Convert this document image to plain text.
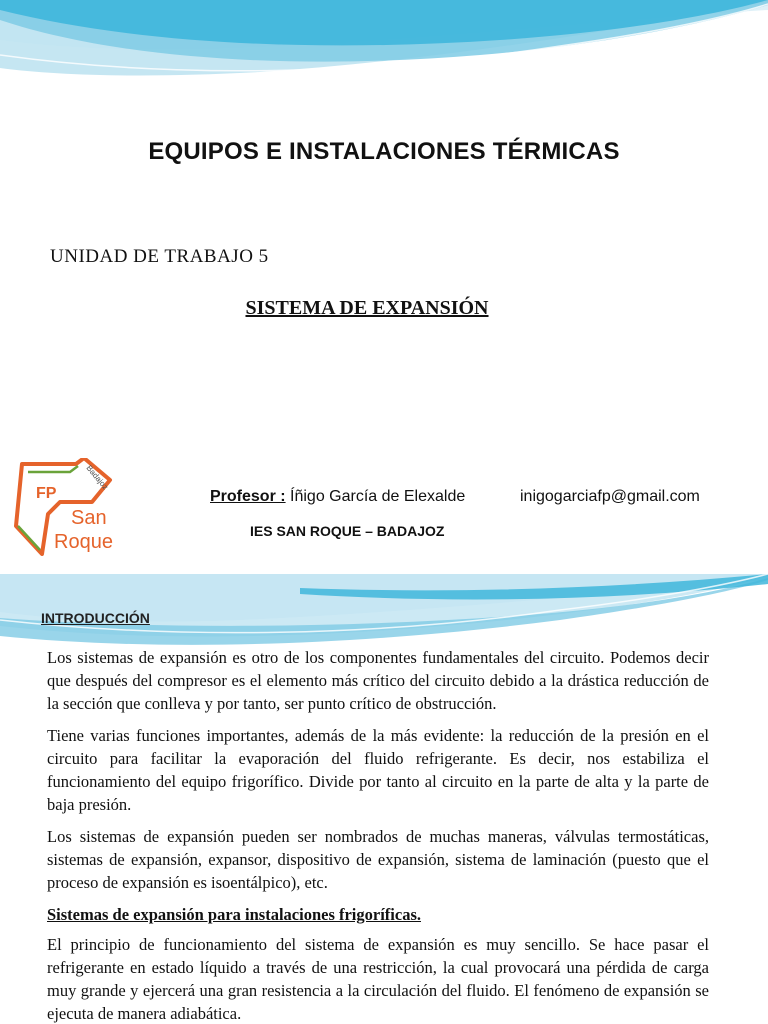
EQUIPOS E INSTALACIONES TÉRMICAS

UNIDAD DE TRABAJO 5

SISTEMA DE EXPANSIÓN

FP
San
Roque
Badajoz
Profesor : Íñigo García de Elexalde	inigogarciafp@gmail.com
IES SAN ROQUE – BADAJOZ

INTRODUCCIÓN

Los sistemas de expansión es otro de los componentes fundamentales del circuito. Podemos decir que después del compresor es el elemento más crítico del circuito debido a la drástica reducción de la sección que conlleva y por tanto, ser punto crítico de obstrucción.

Tiene varias funciones importantes, además de la más evidente: la reducción de la presión en el circuito para facilitar la evaporación del fluido refrigerante. Es decir, nos estabiliza el funcionamiento del equipo frigorífico. Divide por tanto al circuito en la parte de alta y la parte de baja presión.

Los sistemas de expansión pueden ser nombrados de muchas maneras, válvulas termostáticas, sistemas de expansión, expansor, dispositivo de expansión, sistema de laminación (puesto que el proceso de expansión es isoentálpico), etc.

Sistemas de expansión para instalaciones frigoríficas.

El principio de funcionamiento del sistema de expansión es muy sencillo. Se hace pasar el refrigerante en estado líquido a través de una restricción, la cual provocará una pérdida de carga muy grande y ejercerá una gran resistencia a la circulación del fluido. El fenómeno de expansión se ejecuta de manera adiabática.
